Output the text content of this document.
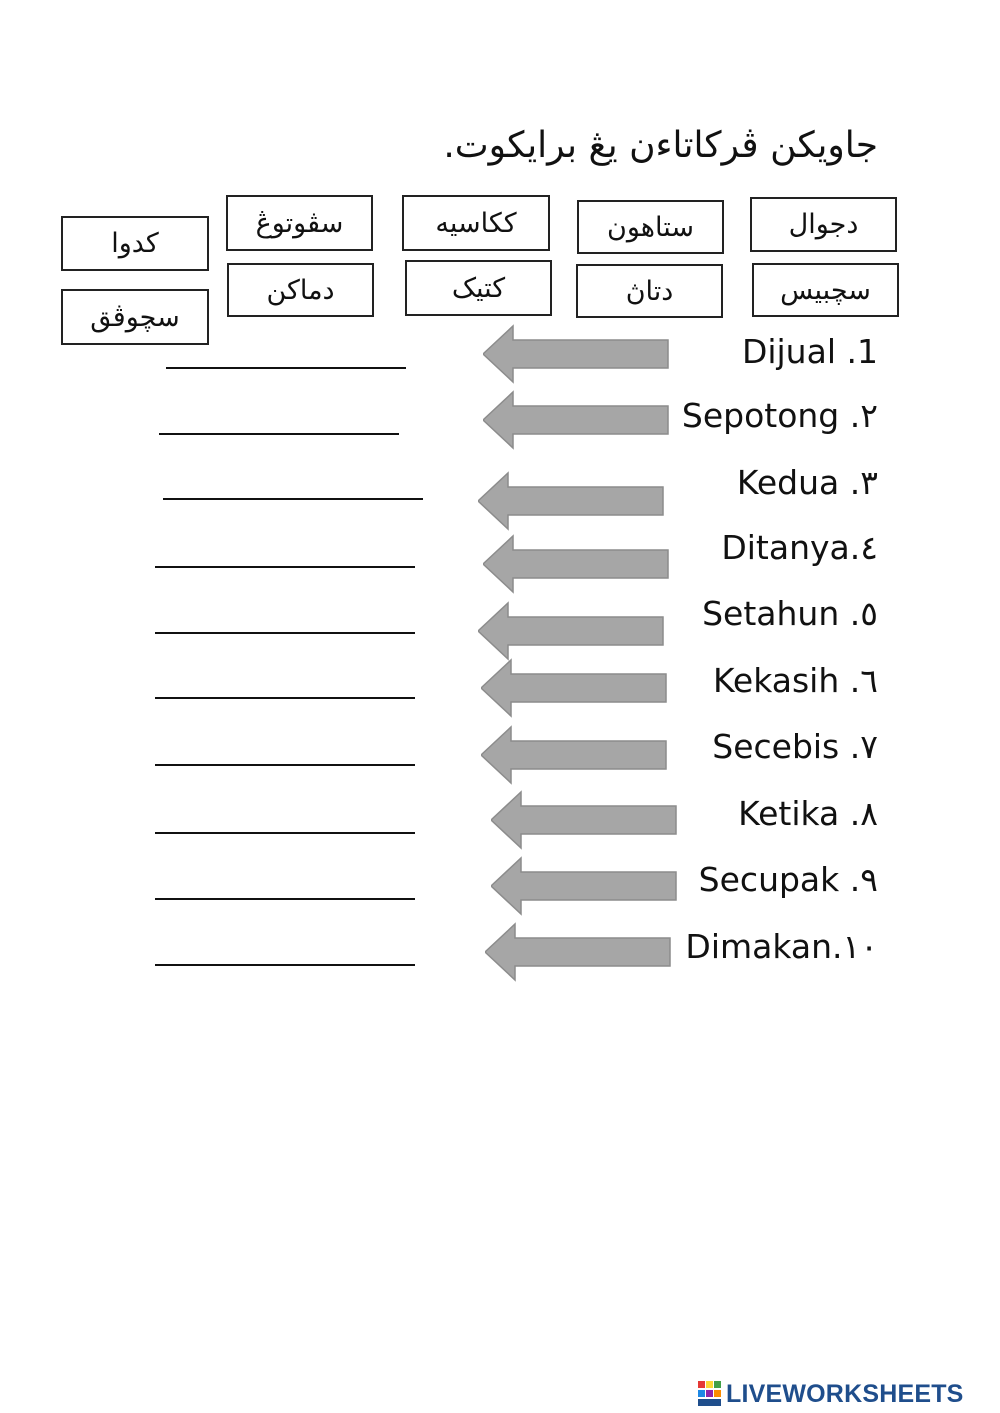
جاويكن ڤركاتاءن يڠ برايكوت.
دجوال
ستاهون
ككاسيه
سڤوتوڠ
كدوا
سچبيس
دتاڽ
كتيک
دماكن
سچوڤق
Dijual .1
Sepotong .٢
Kedua .٣
Ditanya.٤
Setahun .٥
Kekasih .٦
Secebis .٧
Ketika .٨
Secupak .٩
Dimakan.١٠
LIVEWORKSHEETS
